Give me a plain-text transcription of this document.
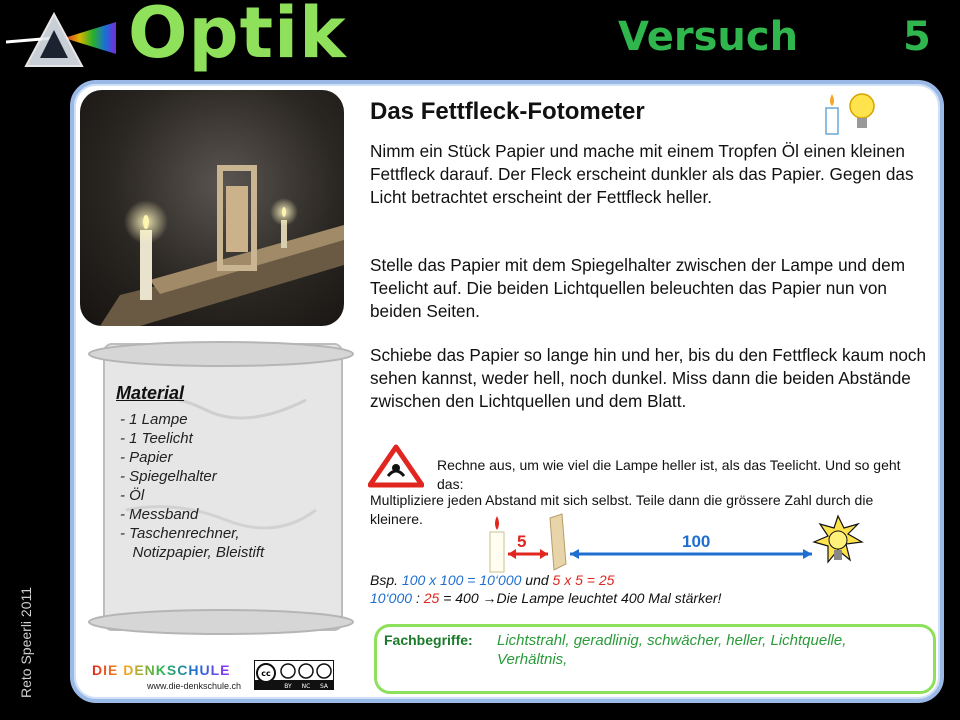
Optik	Versuch	5
Reto Speerli 2011
Material
- 1 Lampe
- 1 Teelicht
- Papier
- Spiegelhalter
- Öl
- Messband
- Taschenrechner,
Notizpapier, Bleistift
Das Fettfleck-Fotometer

Nimm ein Stück Papier und mache mit einem Tropfen Öl einen kleinen Fettfleck darauf. Der Fleck erscheint dunkler als das Papier. Gegen das Licht betrachtet erscheint der Fettfleck heller.

Stelle das Papier mit dem Spiegelhalter zwischen der Lampe und dem Teelicht auf. Die beiden Lichtquellen beleuchten das Papier nun von beiden Seiten.

Schiebe das Papier so lange hin und her, bis du den Fettfleck kaum noch sehen kannst, weder hell, noch dunkel. Miss dann die beiden Abstände zwischen den Lichtquellen und dem Blatt.

Rechne aus, um wie viel die Lampe heller ist, als das Teelicht. Und so geht das:

Multipliziere jeden Abstand mit sich selbst. Teile dann die grössere Zahl durch die kleinere.

5	100

Bsp. 100 x 100 = 10‘000 und 5 x 5 = 25

10‘000 : 25 = 400 →Die Lampe leuchtet 400 Mal stärker!

Fachbegriffe: Lichtstrahl, geradlinig, schwächer, heller, Lichtquelle, Verhältnis,

DIE DENKSCHULE
www.die-denkschule.ch
cc
BY NC SA
